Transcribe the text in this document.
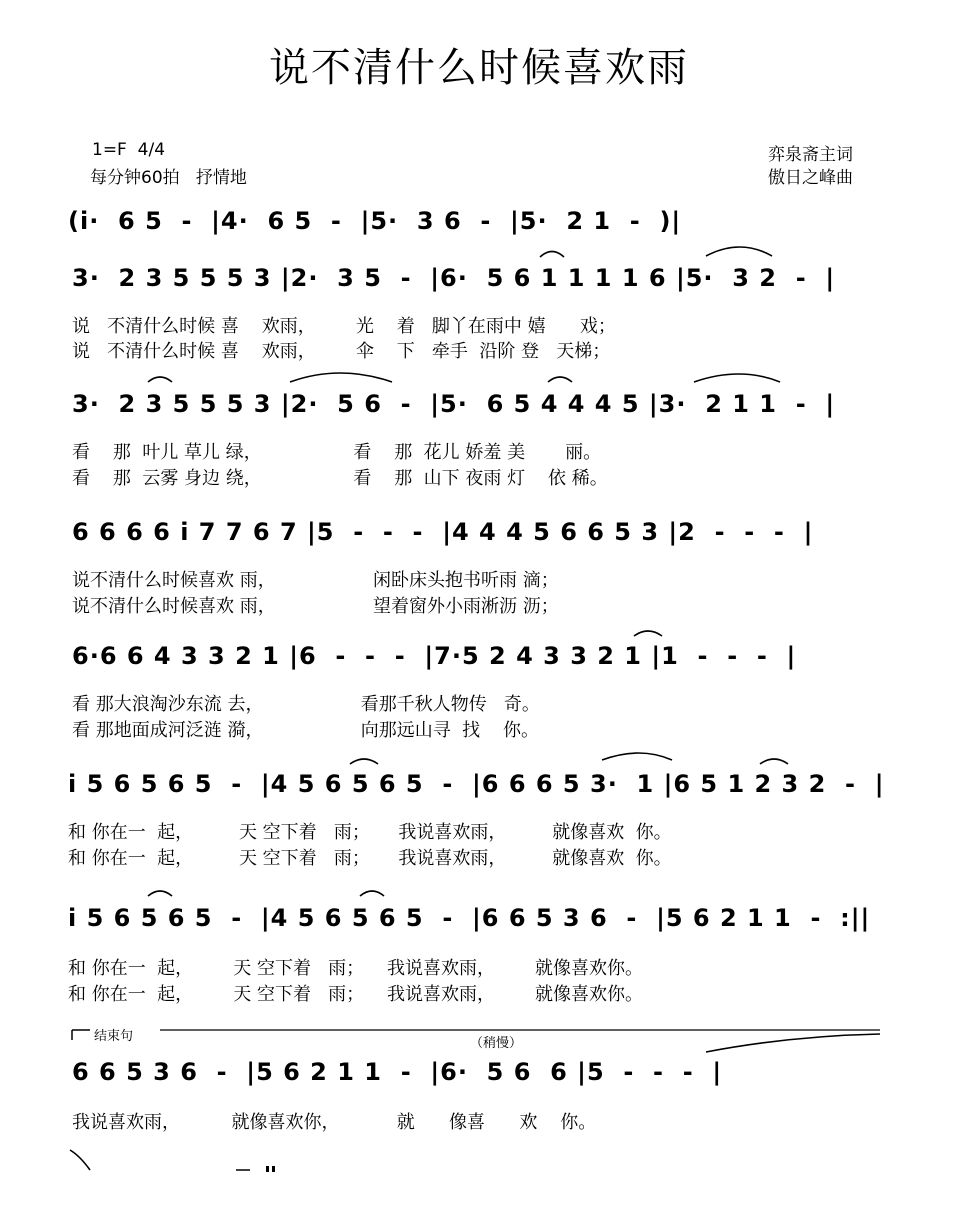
说不清什么时候喜欢雨
1=F  4/4
每分钟60拍   抒情地
弈泉斋主词
傲日之峰曲
(i·  6 5  -  |4·  6 5  -  |5·  3 6  -  |5·  2 1  -  )|
3·  2 3 5 5 5 3 |2·  3 5  -  |6·  5 6 1 1 1 1 6 |5·  3 2  -  |
说   不清什么时候 喜    欢雨，       光    着   脚丫在雨中 嬉      戏；
说   不清什么时候 喜    欢雨，       伞    下   牵手  沿阶 登   天梯；
3·  2 3 5 5 5 3 |2·  5 6  -  |5·  6 5 4 4 4 5 |3·  2 1 1  -  |
看    那  叶儿 草儿 绿，                看    那  花儿 娇羞 美       丽。
看    那  云雾 身边 绕，                看    那  山下 夜雨 灯    依 稀。
6 6 6 6 i 7 7 6 7 |5  -  -  -  |4 4 4 5 6 6 5 3 |2  -  -  -  |
说不清什么时候喜欢 雨，                 闲卧床头抱书听雨 滴；
说不清什么时候喜欢 雨，                 望着窗外小雨淅沥 沥；
6·6 6 4 3 3 2 1 |6  -  -  -  |7·5 2 4 3 3 2 1 |1  -  -  -  |
看 那大浪淘沙东流 去，                 看那千秋人物传   奇。
看 那地面成河泛涟 漪，                 向那远山寻  找    你。
i 5 6 5 6 5  -  |4 5 6 5 6 5  -  |6 6 6 5 3·  1 |6 5 1 2 3 2  -  |
和 你在一  起，        天 空下着   雨；     我说喜欢雨，        就像喜欢  你。
和 你在一  起，        天 空下着   雨；     我说喜欢雨，        就像喜欢  你。
i 5 6 5 6 5  -  |4 5 6 5 6 5  -  |6 6 5 3 6  -  |5 6 2 1 1  -  :||
和 你在一  起，       天 空下着   雨；    我说喜欢雨，       就像喜欢你。
和 你在一  起，       天 空下着   雨；    我说喜欢雨，       就像喜欢你。
结束句	（稍慢）
6 6 5 3 6  -  |5 6 2 1 1  -  |6·  5 6  6 |5  -  -  -  |
我说喜欢雨，         就像喜欢你，          就      像喜      欢    你。
